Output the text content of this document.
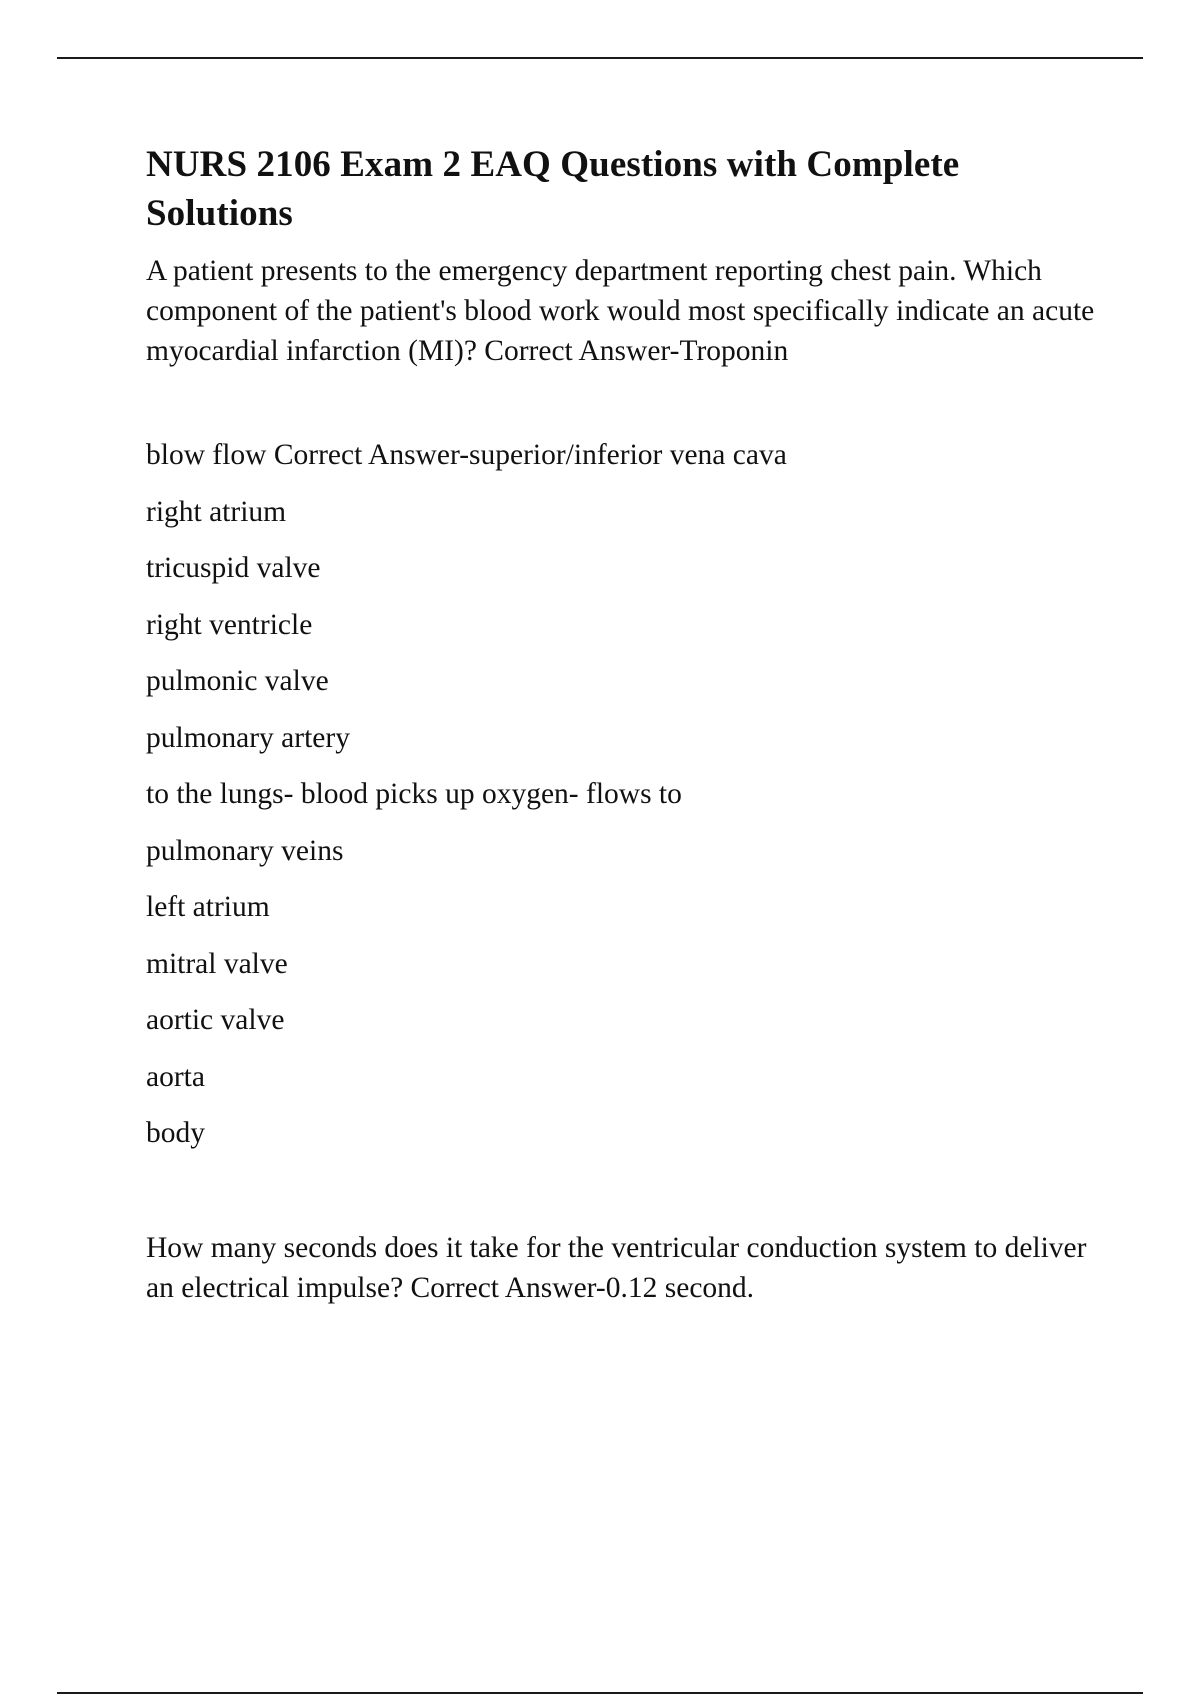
NURS 2106 Exam 2 EAQ Questions with Complete Solutions

A patient presents to the emergency department reporting chest pain. Which component of the patient's blood work would most specifically indicate an acute myocardial infarction (MI)? Correct Answer-Troponin

blow flow Correct Answer-superior/inferior vena cava
right atrium
tricuspid valve
right ventricle
pulmonic valve
pulmonary artery
to the lungs- blood picks up oxygen- flows to
pulmonary veins
left atrium
mitral valve
aortic valve
aorta
body

How many seconds does it take for the ventricular conduction system to deliver an electrical impulse? Correct Answer-0.12 second.
